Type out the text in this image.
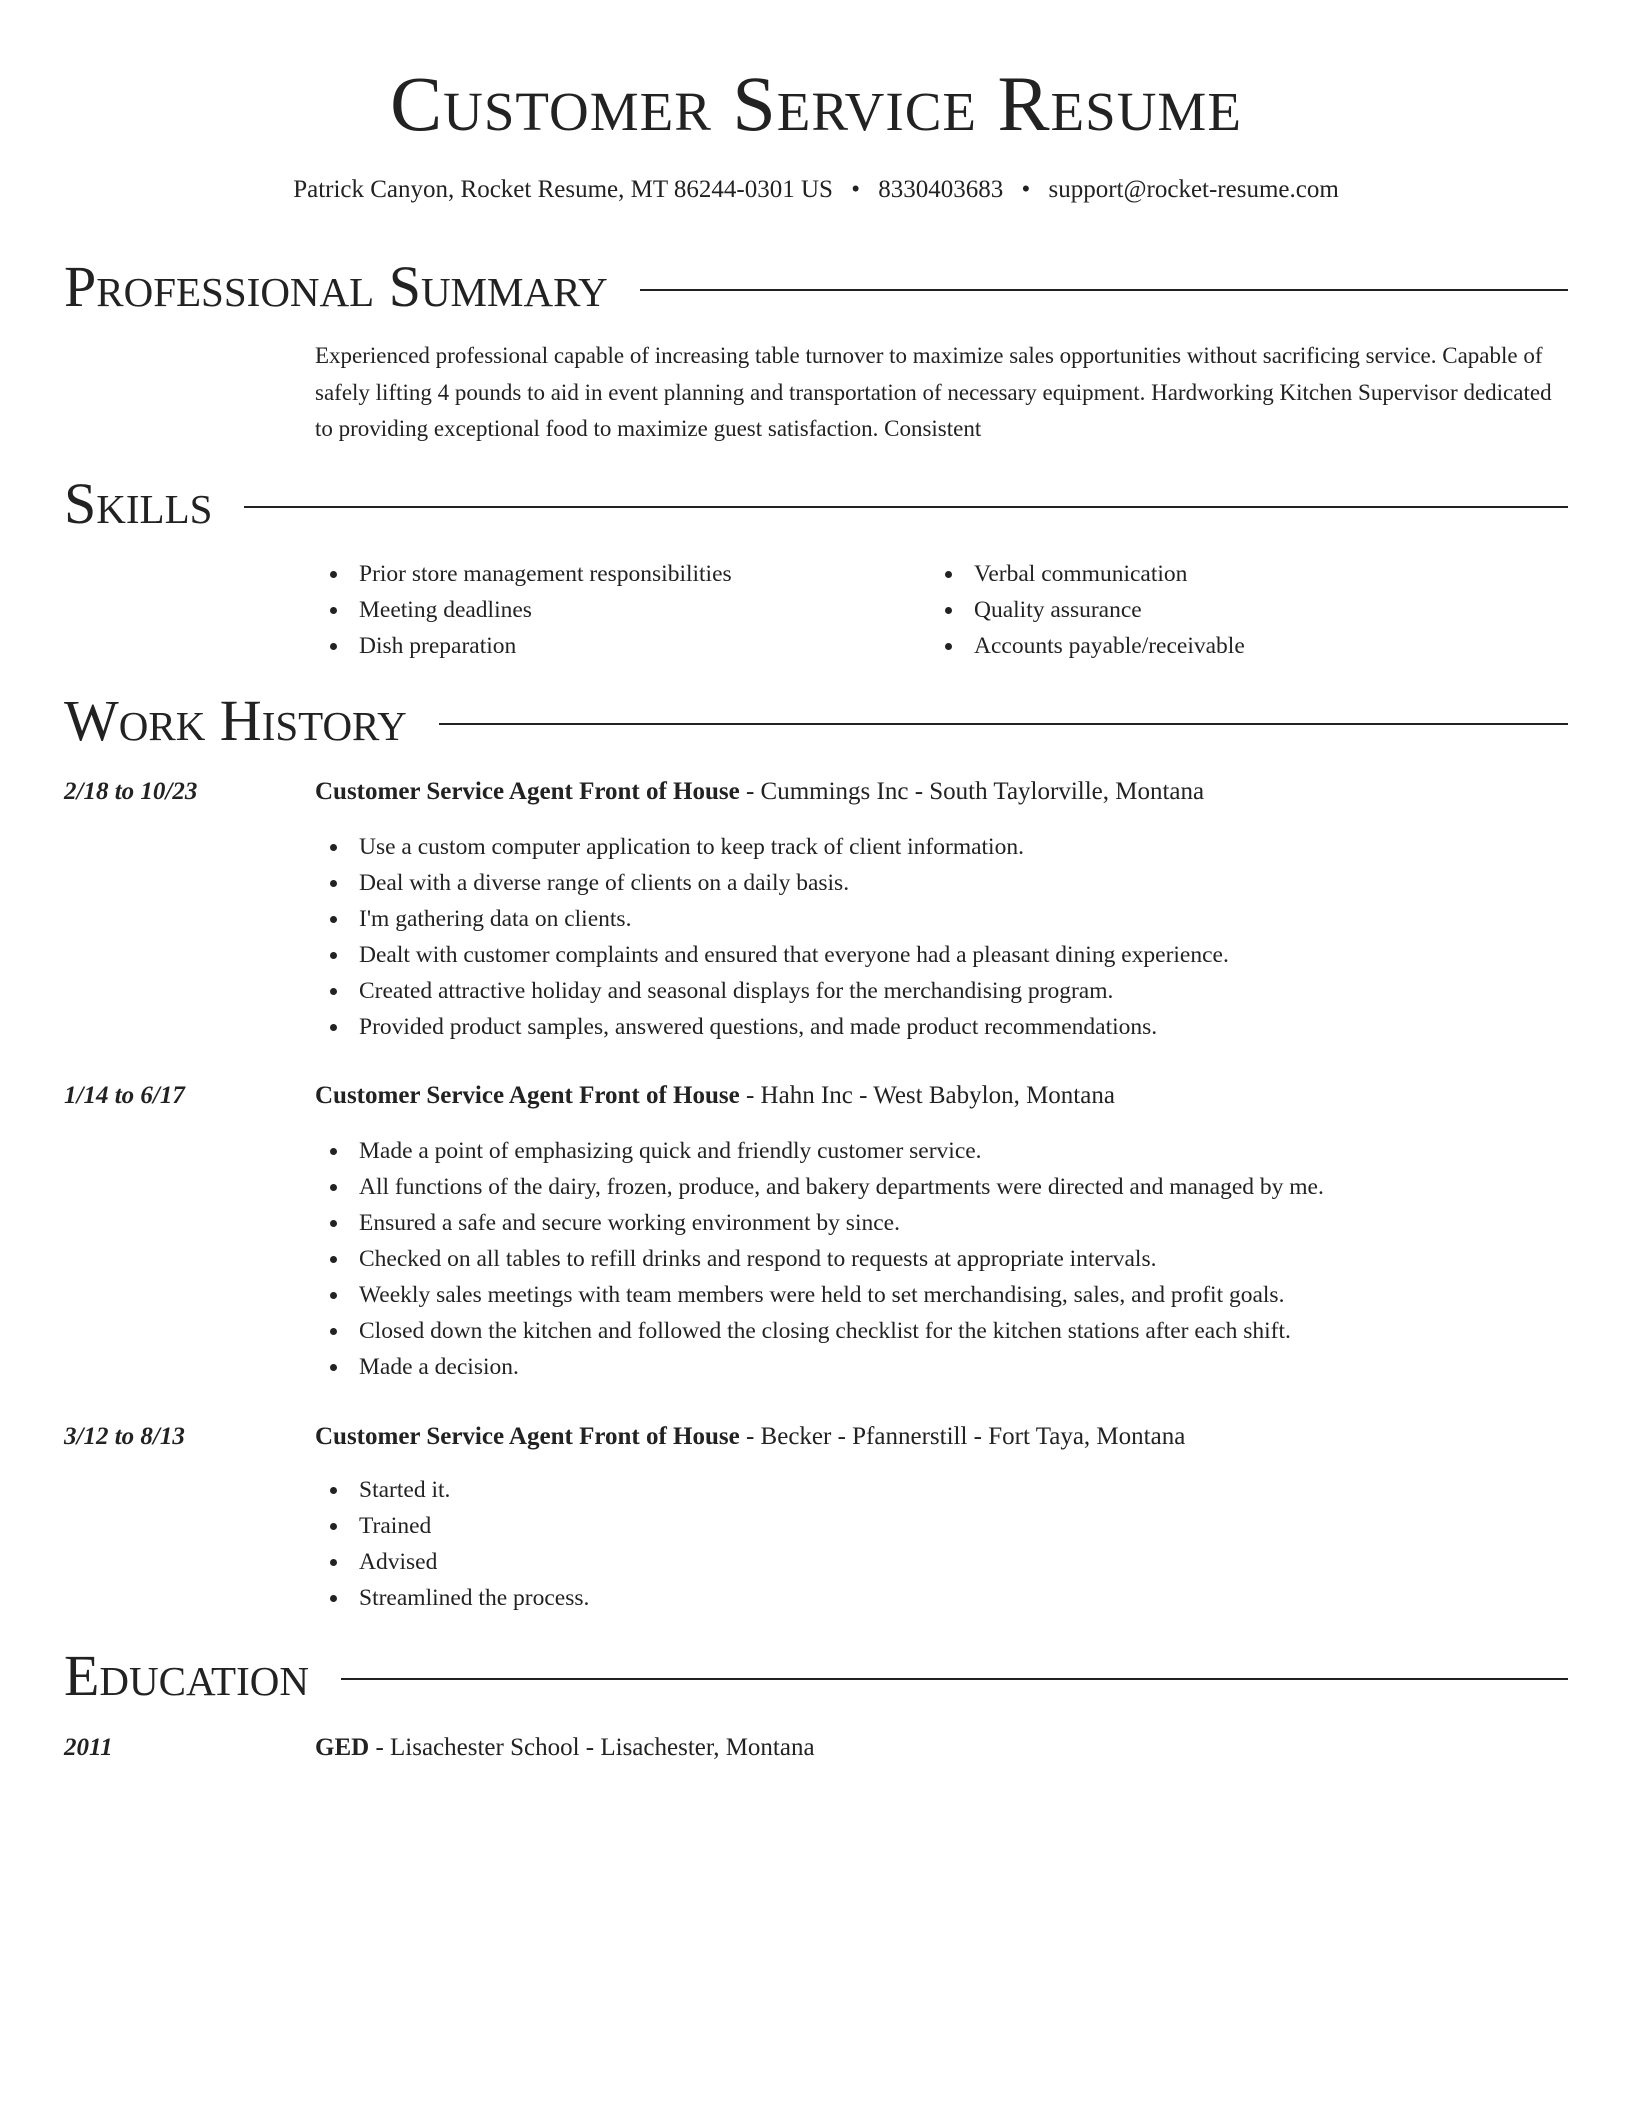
Customer Service Resume
Patrick Canyon, Rocket Resume, MT 86244-0301 US • 8330403683 • support@rocket-resume.com
Professional Summary

Experienced professional capable of increasing table turnover to maximize sales opportunities without sacrificing service. Capable of safely lifting 4 pounds to aid in event planning and transportation of necessary equipment. Hardworking Kitchen Supervisor dedicated to providing exceptional food to maximize guest satisfaction. Consistent

Skills
Prior store management responsibilities
Meeting deadlines
Dish preparation
Verbal communication
Quality assurance
Accounts payable/receivable
Work History
2/18 to 10/23	Customer Service Agent Front of House - Cummings Inc - South Taylorville, Montana
Use a custom computer application to keep track of client information.
Deal with a diverse range of clients on a daily basis.
I'm gathering data on clients.
Dealt with customer complaints and ensured that everyone had a pleasant dining experience.
Created attractive holiday and seasonal displays for the merchandising program.
Provided product samples, answered questions, and made product recommendations.
1/14 to 6/17	Customer Service Agent Front of House - Hahn Inc - West Babylon, Montana
Made a point of emphasizing quick and friendly customer service.
All functions of the dairy, frozen, produce, and bakery departments were directed and managed by me.
Ensured a safe and secure working environment by since.
Checked on all tables to refill drinks and respond to requests at appropriate intervals.
Weekly sales meetings with team members were held to set merchandising, sales, and profit goals.
Closed down the kitchen and followed the closing checklist for the kitchen stations after each shift.
Made a decision.
3/12 to 8/13	Customer Service Agent Front of House - Becker - Pfannerstill - Fort Taya, Montana
Started it.
Trained
Advised
Streamlined the process.
Education
2011	GED - Lisachester School - Lisachester, Montana
